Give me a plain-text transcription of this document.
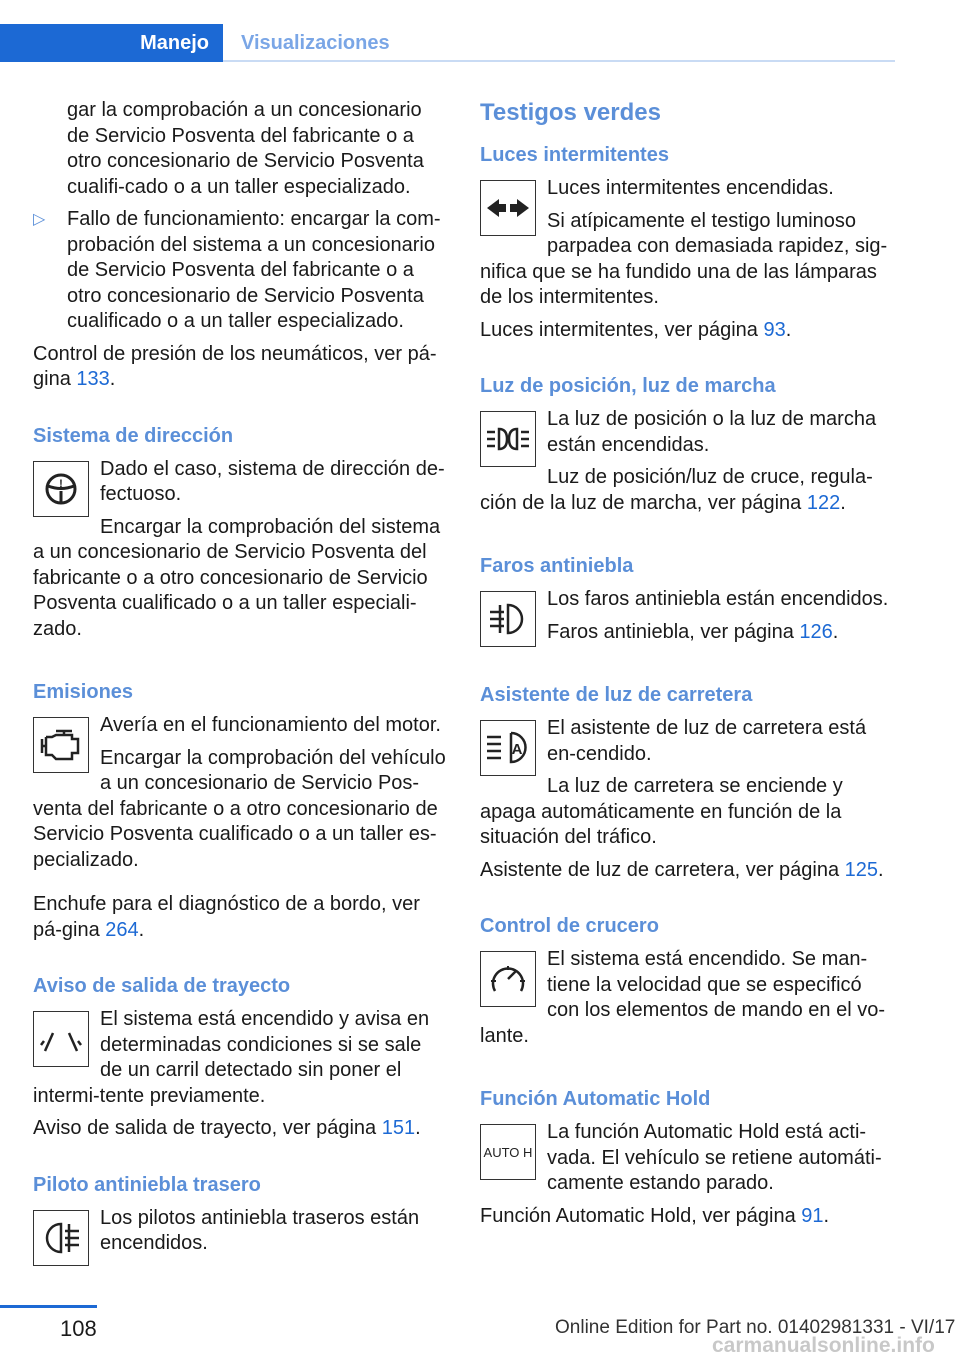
Manejo	Visualizaciones
gar la comprobación a un concesionario de Servicio Posventa del fabricante o a otro concesionario de Servicio Posventa cualifi-cado o a un taller especializado.
▷ Fallo de funcionamiento: encargar la com-probación del sistema a un concesionario de Servicio Posventa del fabricante o a otro concesionario de Servicio Posventa cualificado o a un taller especializado.
Control de presión de los neumáticos, ver pá-gina 133.
Sistema de dirección
!
Dado el caso, sistema de dirección de-fectuoso.
Encargar la comprobación del sistema a un concesionario de Servicio Posventa del fabricante o a otro concesionario de Servicio Posventa cualificado o a un taller especiali-zado.
Emisiones
Avería en el funcionamiento del motor.
Encargar la comprobación del vehículo a un concesionario de Servicio Pos-venta del fabricante o a otro concesionario de Servicio Posventa cualificado o a un taller es-pecializado.
Enchufe para el diagnóstico de a bordo, ver pá-gina 264.
Aviso de salida de trayecto
El sistema está encendido y avisa en determinadas condiciones si se sale de un carril detectado sin poner el intermi-tente previamente.
Aviso de salida de trayecto, ver página 151.
Piloto antiniebla trasero
Los pilotos antiniebla traseros están encendidos.
Testigos verdes
Luces intermitentes
Luces intermitentes encendidas.
Si atípicamente el testigo luminoso parpadea con demasiada rapidez, sig-nifica que se ha fundido una de las lámparas de los intermitentes.
Luces intermitentes, ver página 93.
Luz de posición, luz de marcha
La luz de posición o la luz de marcha están encendidas.
Luz de posición/luz de cruce, regula-ción de la luz de marcha, ver página 122.
Faros antiniebla
Los faros antiniebla están encendidos.
Faros antiniebla, ver página 126.
Asistente de luz de carretera
A
El asistente de luz de carretera está en-cendido.
La luz de carretera se enciende y apaga automáticamente en función de la situación del tráfico.
Asistente de luz de carretera, ver página 125.
Control de crucero
El sistema está encendido. Se man-tiene la velocidad que se especificó con los elementos de mando en el vo-lante.
Función Automatic Hold
AUTO H
La función Automatic Hold está acti-vada. El vehículo se retiene automáti-camente estando parado.
Función Automatic Hold, ver página 91.
108	Online Edition for Part no. 01402981331 - VI/17
carmanualsonline.info
